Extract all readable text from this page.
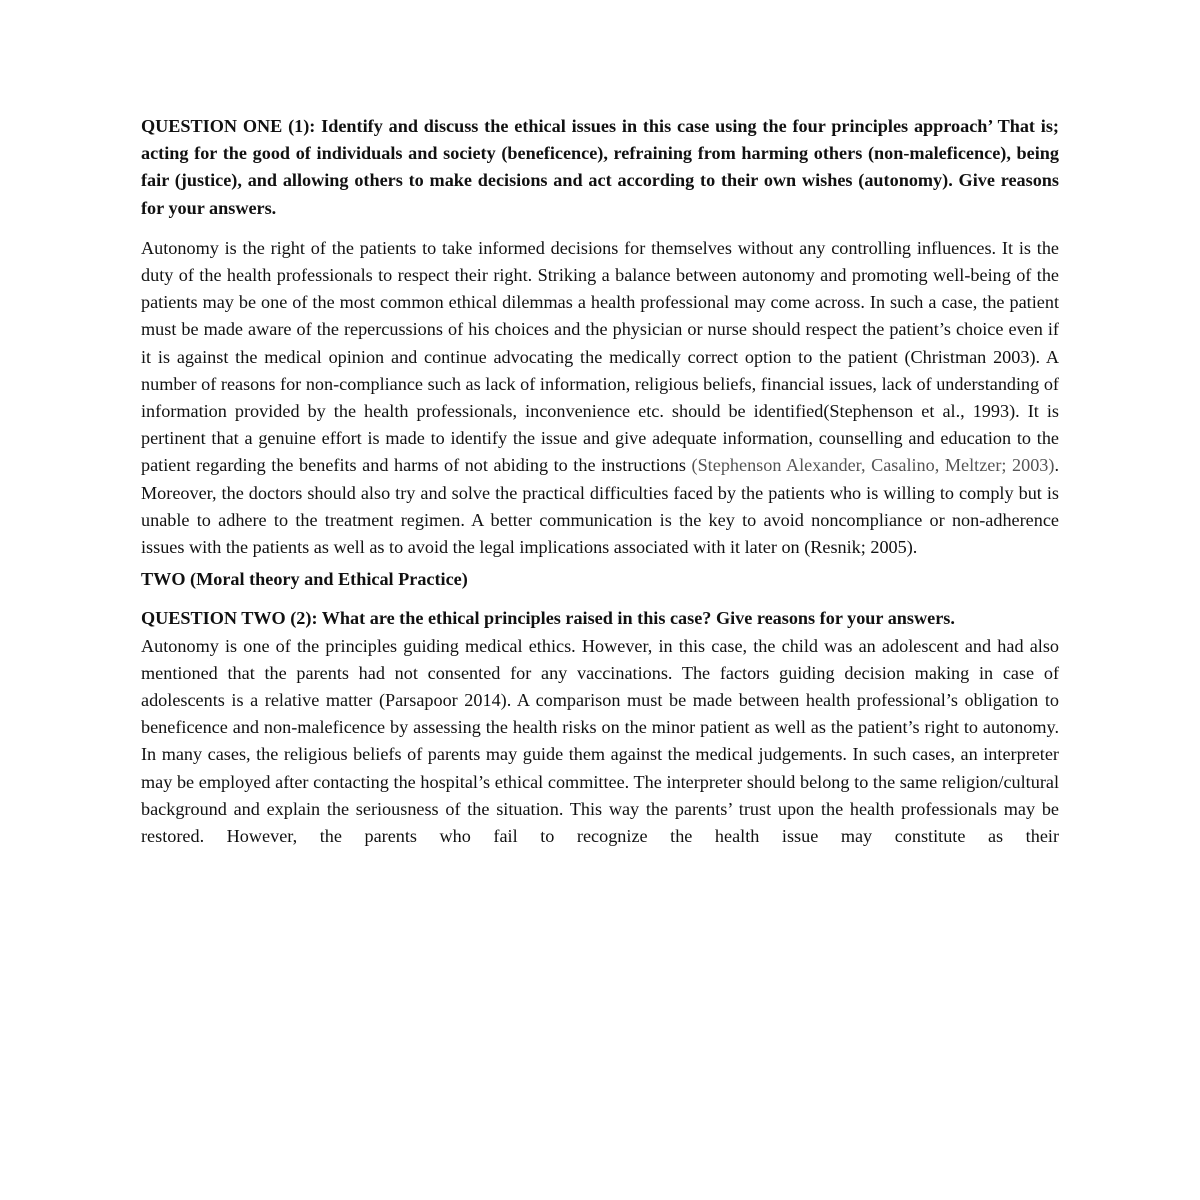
QUESTION ONE (1): Identify and discuss the ethical issues in this case using the four principles approach’ That is; acting for the good of individuals and society (beneficence), refraining from harming others (non-maleficence), being fair (justice), and allowing others to make decisions and act according to their own wishes (autonomy). Give reasons for your answers.

Autonomy is the right of the patients to take informed decisions for themselves without any controlling influences. It is the duty of the health professionals to respect their right. Striking a balance between autonomy and promoting well-being of the patients may be one of the most common ethical dilemmas a health professional may come across. In such a case, the patient must be made aware of the repercussions of his choices and the physician or nurse should respect the patient’s choice even if it is against the medical opinion and continue advocating the medically correct option to the patient (Christman 2003). A number of reasons for non-compliance such as lack of information, religious beliefs, financial issues, lack of understanding of information provided by the health professionals, inconvenience etc. should be identified(Stephenson et al., 1993). It is pertinent that a genuine effort is made to identify the issue and give adequate information, counselling and education to the patient regarding the benefits and harms of not abiding to the instructions (Stephenson Alexander, Casalino, Meltzer; 2003). Moreover, the doctors should also try and solve the practical difficulties faced by the patients who is willing to comply but is unable to adhere to the treatment regimen. A better communication is the key to avoid noncompliance or non-adherence issues with the patients as well as to avoid the legal implications associated with it later on (Resnik; 2005).

TWO (Moral theory and Ethical Practice)

QUESTION TWO (2): What are the ethical principles raised in this case? Give reasons for your answers.

Autonomy is one of the principles guiding medical ethics. However, in this case, the child was an adolescent and had also mentioned that the parents had not consented for any vaccinations. The factors guiding decision making in case of adolescents is a relative matter (Parsapoor 2014). A comparison must be made between health professional’s obligation to beneficence and non-maleficence by assessing the health risks on the minor patient as well as the patient’s right to autonomy. In many cases, the religious beliefs of parents may guide them against the medical judgements. In such cases, an interpreter may be employed after contacting the hospital’s ethical committee. The interpreter should belong to the same religion/cultural background and explain the seriousness of the situation. This way the parents’ trust upon the health professionals may be restored. However, the parents who fail to recognize the health issue may constitute as their
